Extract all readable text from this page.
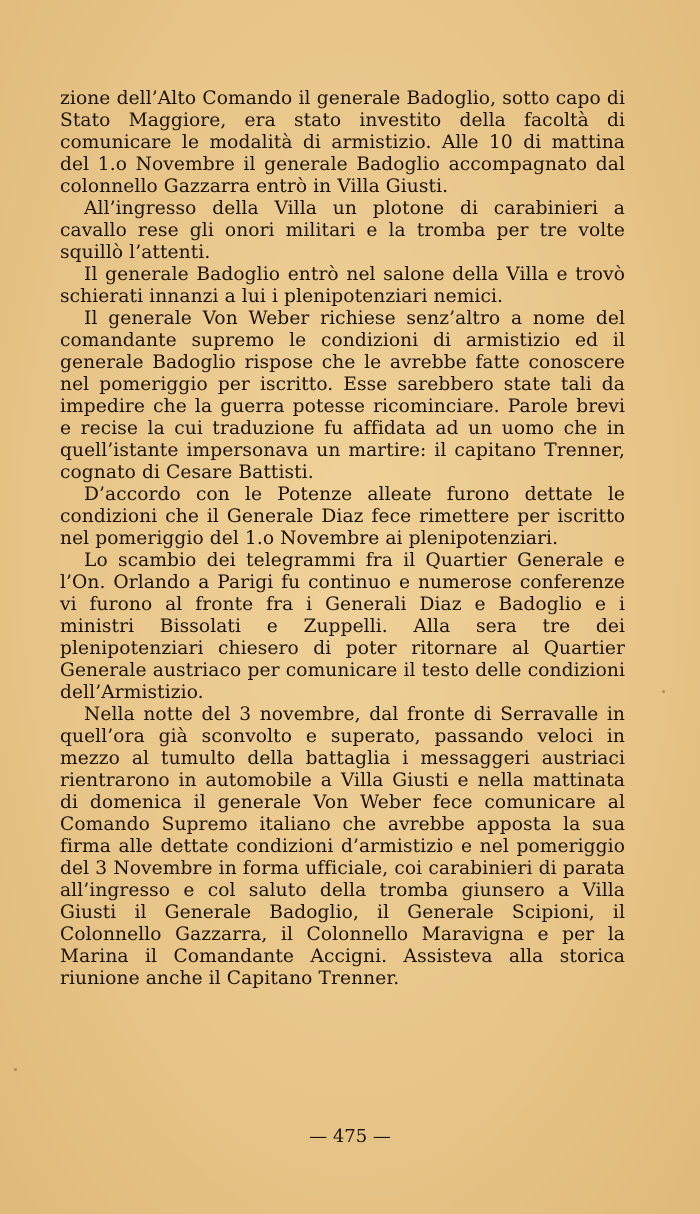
zione dell’Alto Comando il generale Badoglio, sotto capo di Stato Maggiore, era stato investito della facoltà di comunicare le modalità di armistizio. Alle 10 di mattina del 1.o Novembre il generale Badoglio accompagnato dal colonnello Gazzarra entrò in Villa Giusti.

All’ingresso della Villa un plotone di carabinieri a cavallo rese gli onori militari e la tromba per tre volte squillò l’attenti.

Il generale Badoglio entrò nel salone della Villa e trovò schierati innanzi a lui i plenipotenziari nemici.

Il generale Von Weber richiese senz’altro a nome del comandante supremo le condizioni di armistizio ed il generale Badoglio rispose che le avrebbe fatte conoscere nel pomeriggio per iscritto. Esse sarebbero state tali da impedire che la guerra potesse ricominciare. Parole brevi e recise la cui traduzione fu affidata ad un uomo che in quell’istante impersonava un martire: il capitano Trenner, cognato di Cesare Battisti.

D’accordo con le Potenze alleate furono dettate le condizioni che il Generale Diaz fece rimettere per iscritto nel pomeriggio del 1.o Novembre ai plenipotenziari.

Lo scambio dei telegrammi fra il Quartier Generale e l’On. Orlando a Parigi fu continuo e numerose conferenze vi furono al fronte fra i Generali Diaz e Badoglio e i ministri Bissolati e Zuppelli. Alla sera tre dei plenipotenziari chiesero di poter ritornare al Quartier Generale austriaco per comunicare il testo delle condizioni dell’Armistizio.

Nella notte del 3 novembre, dal fronte di Serravalle in quell’ora già sconvolto e superato, passando veloci in mezzo al tumulto della battaglia i messaggeri austriaci rientrarono in automobile a Villa Giusti e nella mattinata di domenica il generale Von Weber fece comunicare al Comando Supremo italiano che avrebbe apposta la sua firma alle dettate condizioni d’armistizio e nel pomeriggio del 3 Novembre in forma ufficiale, coi carabinieri di parata all’ingresso e col saluto della tromba giunsero a Villa Giusti il Generale Badoglio, il Generale Scipioni, il Colonnello Gazzarra, il Colonnello Maravigna e per la Marina il Comandante Accigni. Assisteva alla storica riunione anche il Capitano Trenner.

— 475 —
